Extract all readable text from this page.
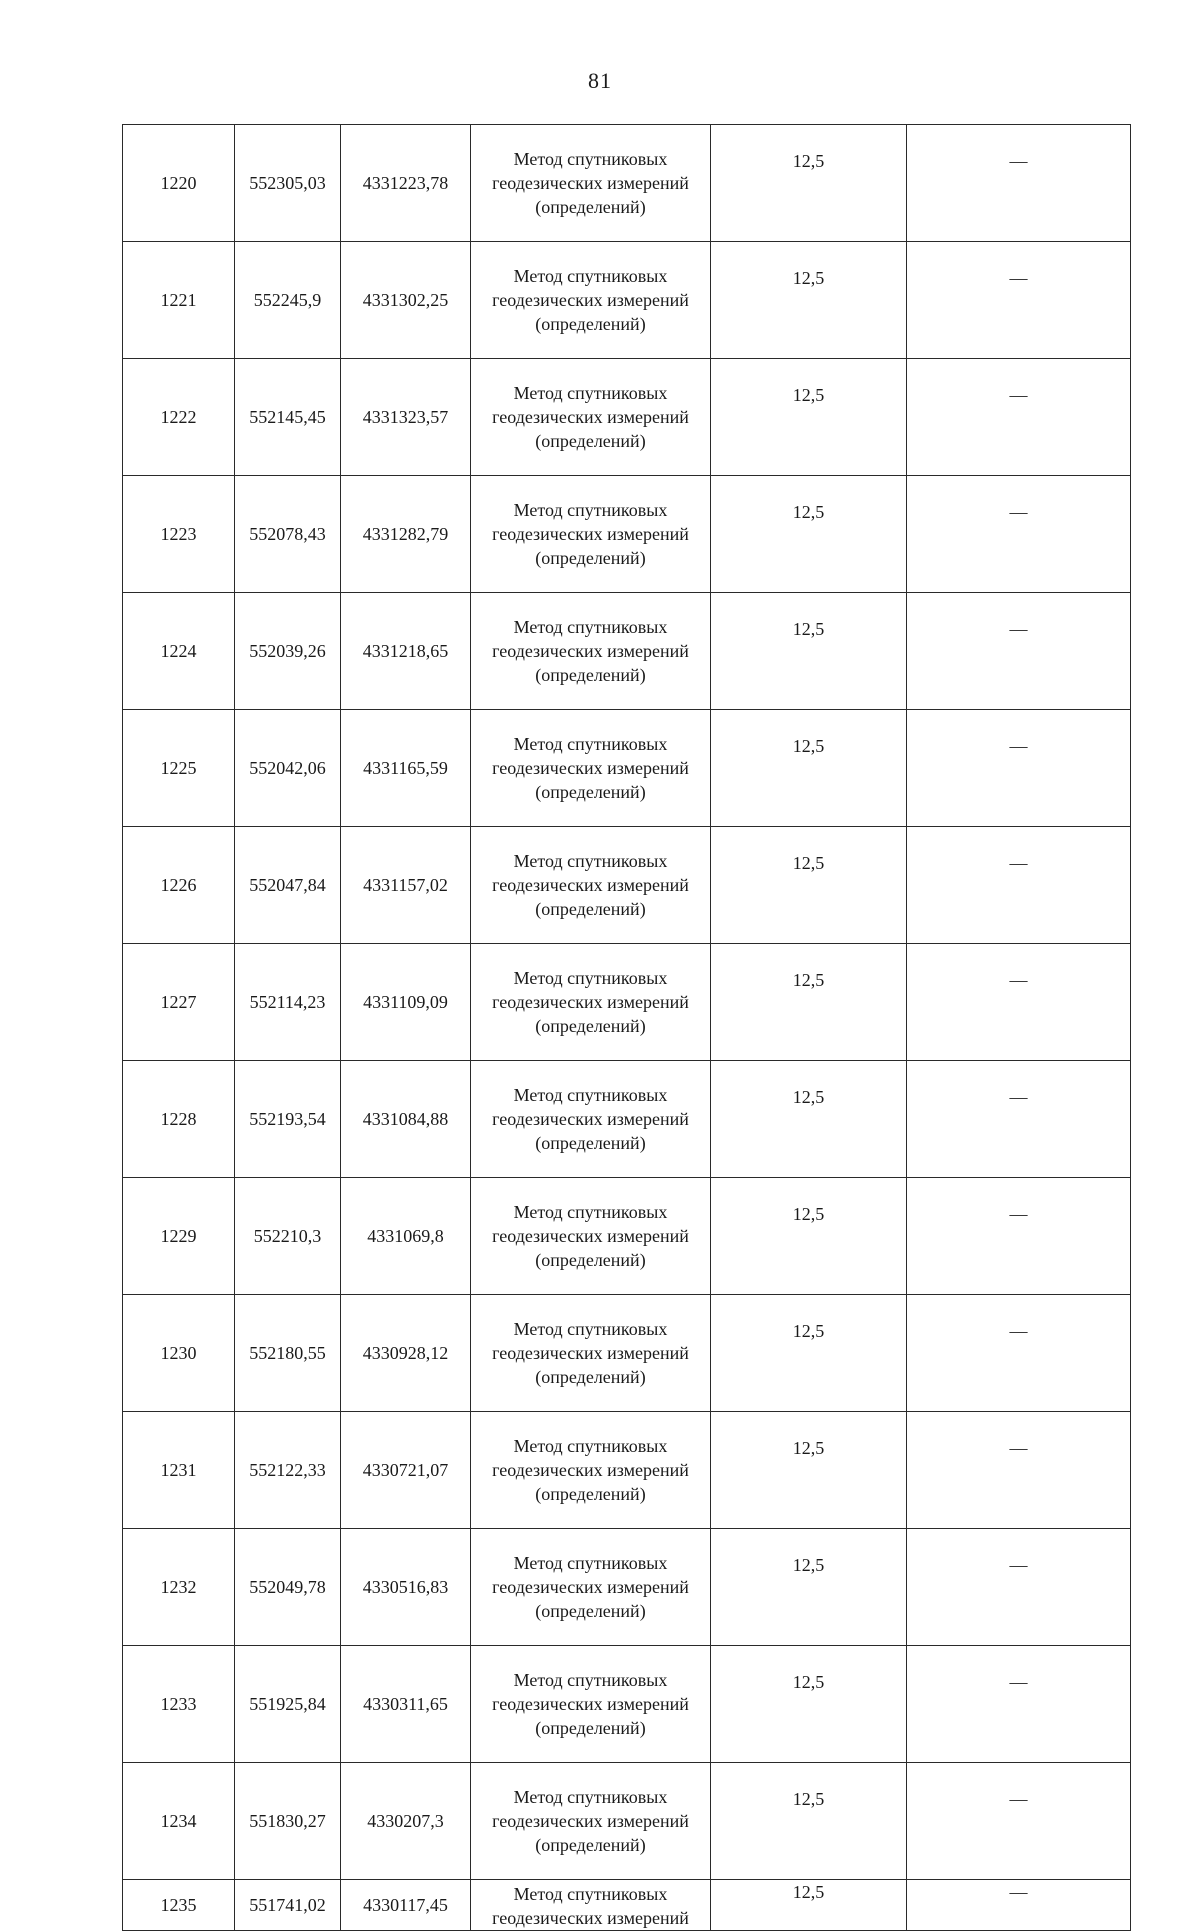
81
1220	552305,03	4331223,78	Метод спутниковых
геодезических измерений
(определений)	12,5	—
1221	552245,9	4331302,25	Метод спутниковых
геодезических измерений
(определений)	12,5	—
1222	552145,45	4331323,57	Метод спутниковых
геодезических измерений
(определений)	12,5	—
1223	552078,43	4331282,79	Метод спутниковых
геодезических измерений
(определений)	12,5	—
1224	552039,26	4331218,65	Метод спутниковых
геодезических измерений
(определений)	12,5	—
1225	552042,06	4331165,59	Метод спутниковых
геодезических измерений
(определений)	12,5	—
1226	552047,84	4331157,02	Метод спутниковых
геодезических измерений
(определений)	12,5	—
1227	552114,23	4331109,09	Метод спутниковых
геодезических измерений
(определений)	12,5	—
1228	552193,54	4331084,88	Метод спутниковых
геодезических измерений
(определений)	12,5	—
1229	552210,3	4331069,8	Метод спутниковых
геодезических измерений
(определений)	12,5	—
1230	552180,55	4330928,12	Метод спутниковых
геодезических измерений
(определений)	12,5	—
1231	552122,33	4330721,07	Метод спутниковых
геодезических измерений
(определений)	12,5	—
1232	552049,78	4330516,83	Метод спутниковых
геодезических измерений
(определений)	12,5	—
1233	551925,84	4330311,65	Метод спутниковых
геодезических измерений
(определений)	12,5	—
1234	551830,27	4330207,3	Метод спутниковых
геодезических измерений
(определений)	12,5	—
1235	551741,02	4330117,45	Метод спутниковых
геодезических измерений	12,5	—
